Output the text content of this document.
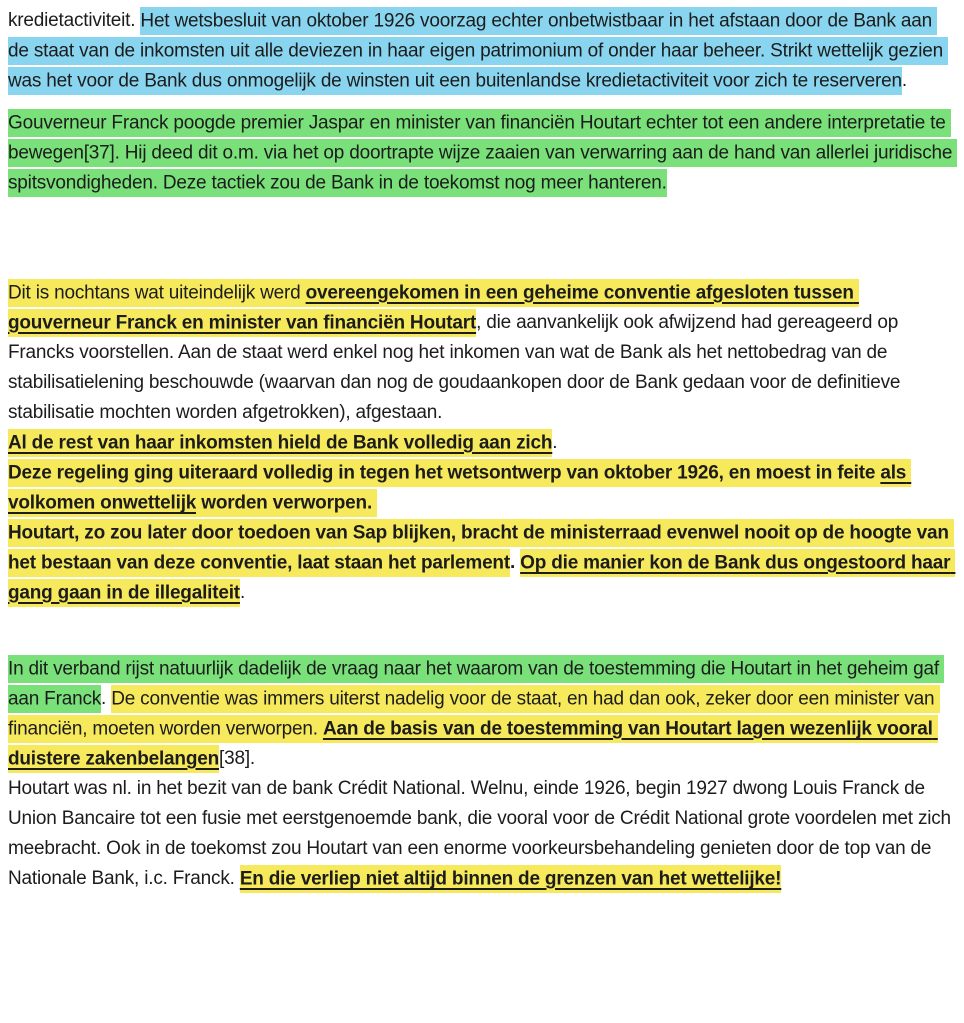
kredietactiviteit. Het wetsbesluit van oktober 1926 voorzag echter onbetwistbaar in het afstaan door de Bank aan de staat van de inkomsten uit alle deviezen in haar eigen patrimonium of onder haar beheer. Strikt wettelijk gezien was het voor de Bank dus onmogelijk de winsten uit een buitenlandse kredietactiviteit voor zich te reserveren.
Gouverneur Franck poogde premier Jaspar en minister van financiën Houtart echter tot een andere interpretatie te bewegen[37]. Hij deed dit o.m. via het op doortrapte wijze zaaien van verwarring aan de hand van allerlei juridische spitsvondigheden. Deze tactiek zou de Bank in de toekomst nog meer hanteren.
Dit is nochtans wat uiteindelijk werd overeengekomen in een geheime conventie afgesloten tussen gouverneur Franck en minister van financiën Houtart, die aanvankelijk ook afwijzend had gereageerd op Francks voorstellen. Aan de staat werd enkel nog het inkomen van wat de Bank als het nettobedrag van de stabilisatielening beschouwde (waarvan dan nog de goudaankopen door de Bank gedaan voor de definitieve stabilisatie mochten worden afgetrokken), afgestaan.
Al de rest van haar inkomsten hield de Bank volledig aan zich.
Deze regeling ging uiteraard volledig in tegen het wetsontwerp van oktober 1926, en moest in feite als volkomen onwettelijk worden verworpen.
Houtart, zo zou later door toedoen van Sap blijken, bracht de ministerraad evenwel nooit op de hoogte van het bestaan van deze conventie, laat staan het parlement. Op die manier kon de Bank dus ongestoord haar gang gaan in de illegaliteit.
In dit verband rijst natuurlijk dadelijk de vraag naar het waarom van de toestemming die Houtart in het geheim gaf aan Franck. De conventie was immers uiterst nadelig voor de staat, en had dan ook, zeker door een minister van financiën, moeten worden verworpen. Aan de basis van de toestemming van Houtart lagen wezenlijk vooral duistere zakenbelangen[38].
Houtart was nl. in het bezit van de bank Crédit National. Welnu, einde 1926, begin 1927 dwong Louis Franck de Union Bancaire tot een fusie met eerstgenoemde bank, die vooral voor de Crédit National grote voordelen met zich meebracht. Ook in de toekomst zou Houtart van een enorme voorkeursbehandeling genieten door de top van de Nationale Bank, i.c. Franck. En die verliep niet altijd binnen de grenzen van het wettelijke!
